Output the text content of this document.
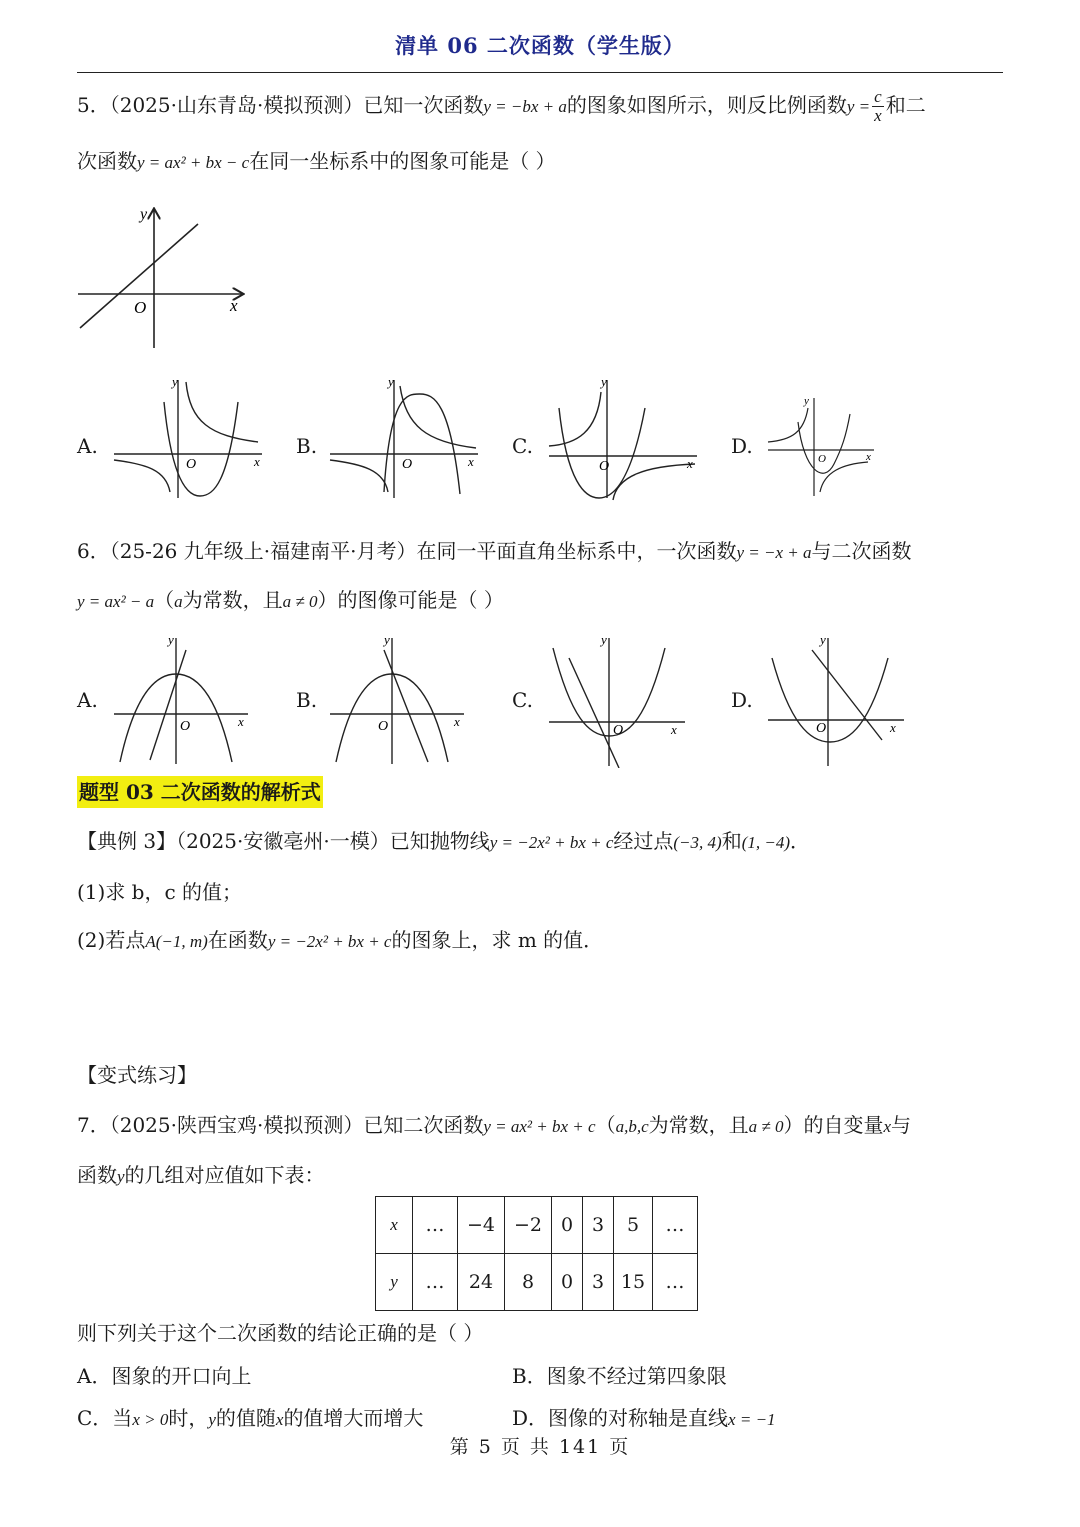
清单 06 二次函数（学生版）
5．（2025·山东青岛·模拟预测）已知一次函数y = −bx + a的图象如图所示，则反比例函数$y = \frac{c}{x}$ 和二
次函数y = ax² + bx − c在同一坐标系中的图象可能是（ ）
y
x
O
A.
y
x
O
B.
y
x
O
C.
y
x
O
D.
y
x
O
6．（25-26 九年级上·福建南平·月考）在同一平面直角坐标系中，一次函数y = −x + a与二次函数
y = ax² − a（a为常数，且a ≠ 0）的图像可能是（ ）
A.
y
x
O
B.
y
x
O
C.
y
x
O
D.
y
x
O
题型 03 二次函数的解析式
【典例 3】（2025·安徽亳州·一模）已知抛物线y = −2x² + bx + c经过点(−3, 4)和(1, −4)．
(1)求 b，c 的值；
(2)若点A(−1, m)在函数y = −2x² + bx + c的图象上，求 m 的值．
【变式练习】
7．（2025·陕西宝鸡·模拟预测）已知二次函数y = ax² + bx + c（a,b,c为常数，且a ≠ 0）的自变量x与
函数y的几组对应值如下表：
x	…	−4	−2	0	3	5	…
y	…	24	8	0	3	15	…
则下列关于这个二次函数的结论正确的是（ ）
A．图象的开口向上	B．图象不经过第四象限
C．当x > 0时，y的值随x的值增大而增大	D．图像的对称轴是直线x = −1
第 5 页 共 141 页
